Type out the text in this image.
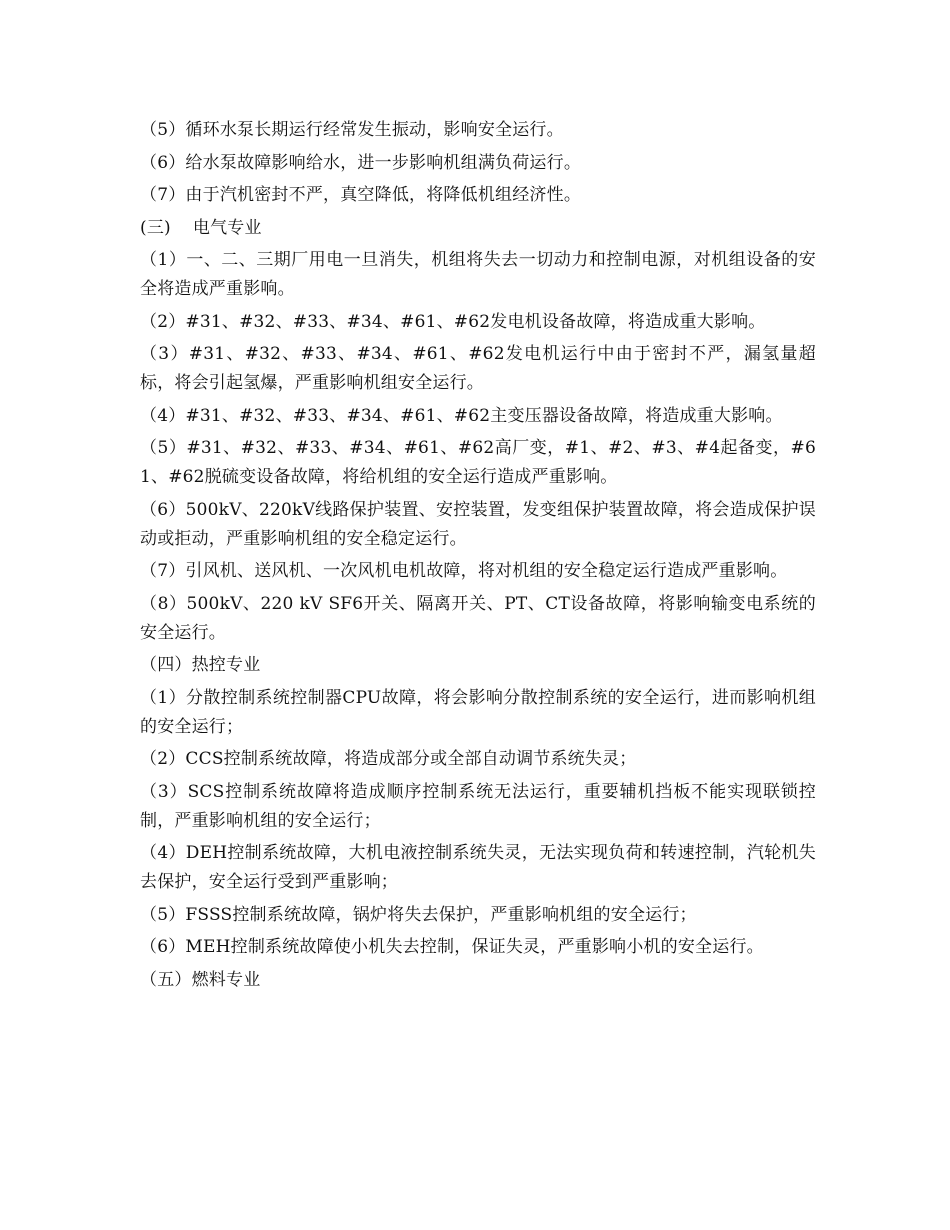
（5）循环水泵长期运行经常发生振动，影响安全运行。

（6）给水泵故障影响给水，进一步影响机组满负荷运行。

（7）由于汽机密封不严，真空降低，将降低机组经济性。

(三) 电气专业

（1）一、二、三期厂用电一旦消失，机组将失去一切动力和控制电源，对机组设备的安全将造成严重影响。

（2）#31、#32、#33、#34、#61、#62发电机设备故障，将造成重大影响。

（3）#31、#32、#33、#34、#61、#62发电机运行中由于密封不严，漏氢量超标，将会引起氢爆，严重影响机组安全运行。

（4）#31、#32、#33、#34、#61、#62主变压器设备故障，将造成重大影响。

（5）#31、#32、#33、#34、#61、#62高厂变，#1、#2、#3、#4起备变，#61、#62脱硫变设备故障，将给机组的安全运行造成严重影响。

（6）500kV、220kV线路保护装置、安控装置，发变组保护装置故障，将会造成保护误动或拒动，严重影响机组的安全稳定运行。

（7）引风机、送风机、一次风机电机故障，将对机组的安全稳定运行造成严重影响。

（8）500kV、220 kV SF6开关、隔离开关、PT、CT设备故障，将影响输变电系统的安全运行。

（四）热控专业

（1）分散控制系统控制器CPU故障，将会影响分散控制系统的安全运行，进而影响机组的安全运行；

（2）CCS控制系统故障，将造成部分或全部自动调节系统失灵；

（3）SCS控制系统故障将造成顺序控制系统无法运行，重要辅机挡板不能实现联锁控制，严重影响机组的安全运行；

（4）DEH控制系统故障，大机电液控制系统失灵，无法实现负荷和转速控制，汽轮机失去保护，安全运行受到严重影响；

（5）FSSS控制系统故障，锅炉将失去保护，严重影响机组的安全运行；

（6）MEH控制系统故障使小机失去控制，保证失灵，严重影响小机的安全运行。

（五）燃料专业
